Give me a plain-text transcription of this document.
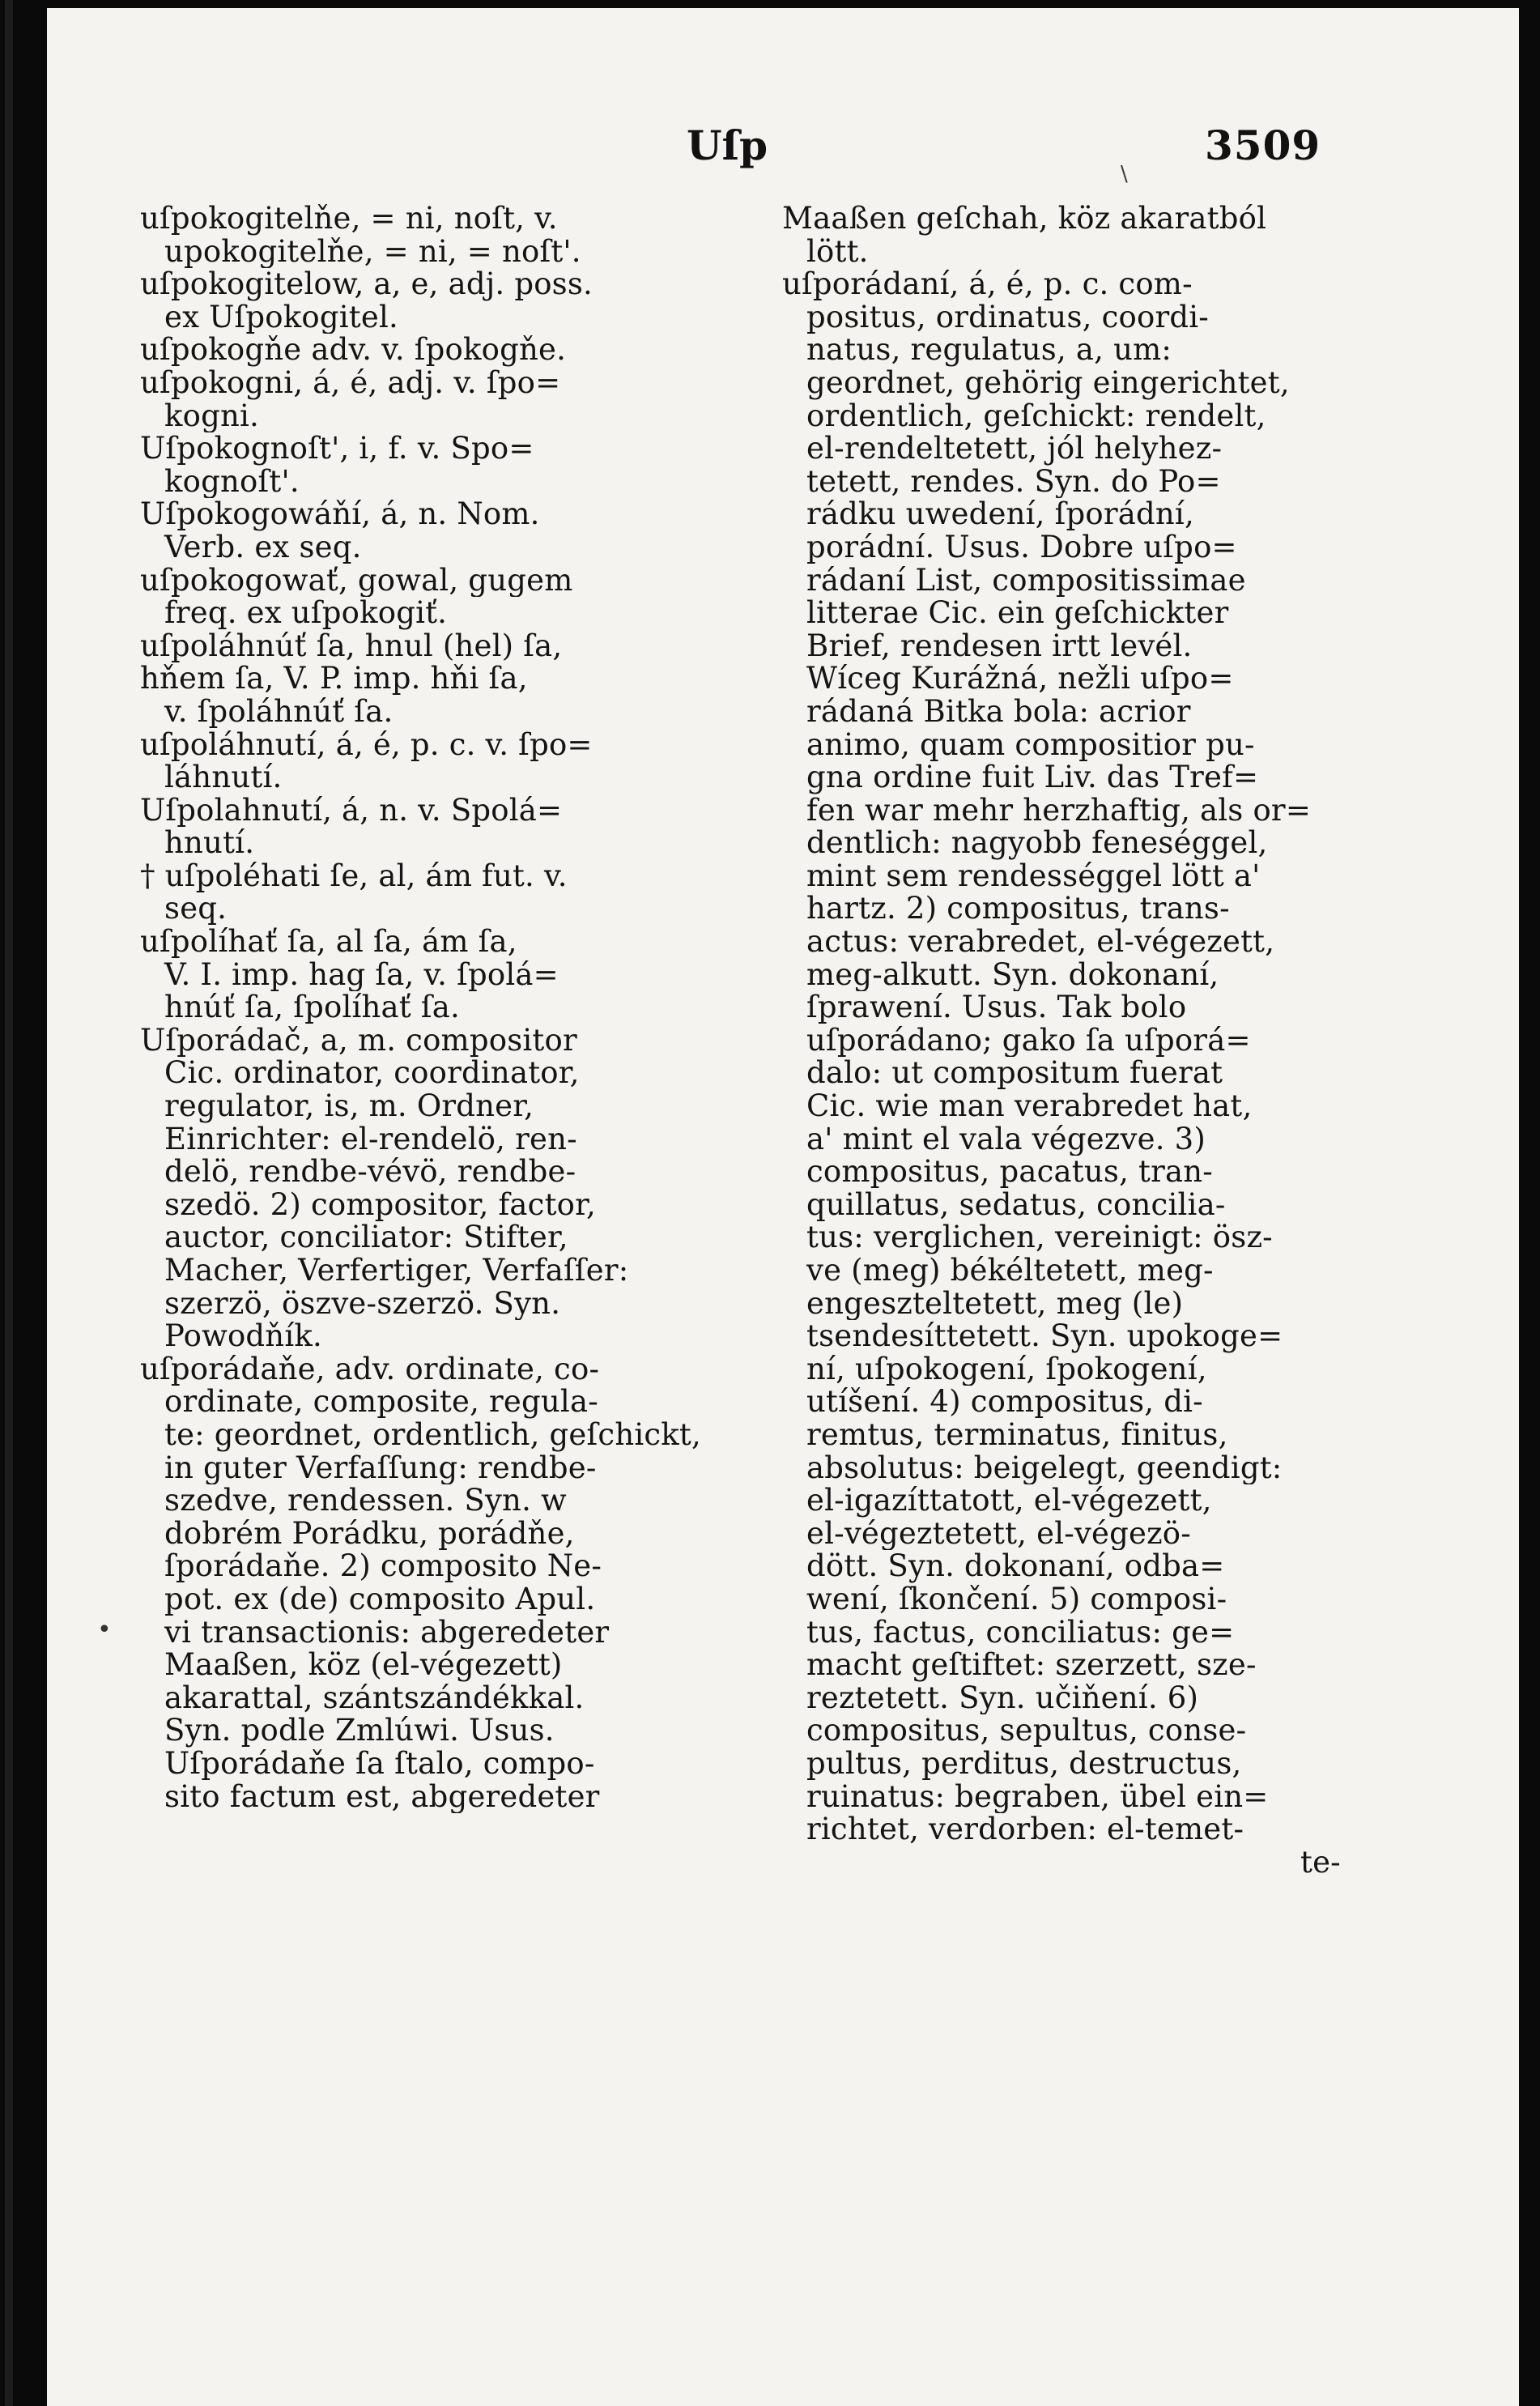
Uſp	3509
uſpokogitelňe, = ni, noſt, v.
upokogitelňe, = ni, = noſt'.
uſpokogitelow, a, e, adj. poss.
ex Uſpokogitel.
uſpokogňe adv. v. ſpokogňe.
uſpokogni, á, é, adj. v. ſpo=
kogni.
Uſpokognoſt', i, f. v. Spo=
kognoſt'.
Uſpokogowáňí, á, n. Nom.
Verb. ex seq.
uſpokogowať, gowal, gugem
freq. ex uſpokogiť.
uſpoláhnúť ſa, hnul (hel) ſa,
hňem ſa, V. P. imp. hňi ſa,
v. ſpoláhnúť ſa.
uſpoláhnutí, á, é, p. c. v. ſpo=
láhnutí.
Uſpolahnutí, á, n. v. Spolá=
hnutí.
† uſpoléhati ſe, al, ám fut. v.
seq.
uſpolíhať ſa, al ſa, ám ſa,
V. I. imp. hag ſa, v. ſpolá=
hnúť ſa, ſpolíhať ſa.
Uſporádač, a, m. compositor
Cic. ordinator, coordinator,
regulator, is, m. Ordner,
Einrichter: el-rendelö, ren-
delö, rendbe-vévö, rendbe-
szedö. 2) compositor, factor,
auctor, conciliator: Stifter,
Macher, Verfertiger, Verfaſſer:
szerzö, öszve-szerzö. Syn.
Powodňík.
uſporádaňe, adv. ordinate, co-
ordinate, composite, regula-
te: geordnet, ordentlich, geſchickt,
in guter Verfaſſung: rendbe-
szedve, rendessen. Syn. w
dobrém Porádku, porádňe,
ſporádaňe. 2) composito Ne-
pot. ex (de) composito Apul.
vi transactionis: abgeredeter
Maaßen, köz (el-végezett)
akarattal, szántszándékkal.
Syn. podle Zmlúwi. Usus.
Uſporádaňe ſa ſtalo, compo-
sito factum est, abgeredeter
Maaßen geſchah, köz akaratból
lött.
uſporádaní, á, é, p. c. com-
positus, ordinatus, coordi-
natus, regulatus, a, um:
geordnet, gehörig eingerichtet,
ordentlich, geſchickt: rendelt,
el-rendeltetett, jól helyhez-
tetett, rendes. Syn. do Po=
rádku uwedení, ſporádní,
porádní. Usus. Dobre uſpo=
rádaní List, compositissimae
litterae Cic. ein geſchickter
Brief, rendesen irtt levél.
Wíceg Kurážná, nežli uſpo=
rádaná Bitka bola: acrior
animo, quam compositior pu-
gna ordine fuit Liv. das Tref=
fen war mehr herzhaftig, als or=
dentlich: nagyobb feneséggel,
mint sem rendességgel lött a'
hartz. 2) compositus, trans-
actus: verabredet, el-végezett,
meg-alkutt. Syn. dokonaní,
ſprawení. Usus. Tak bolo
uſporádano; gako ſa uſporá=
dalo: ut compositum fuerat
Cic. wie man verabredet hat,
a' mint el vala végezve. 3)
compositus, pacatus, tran-
quillatus, sedatus, concilia-
tus: verglichen, vereinigt: ösz-
ve (meg) békéltetett, meg-
engeszteltetett, meg (le)
tsendesíttetett. Syn. upokoge=
ní, uſpokogení, ſpokogení,
utíšení. 4) compositus, di-
remtus, terminatus, finitus,
absolutus: beigelegt, geendigt:
el-igazíttatott, el-végezett,
el-végeztetett, el-végezö-
dött. Syn. dokonaní, odba=
wení, ſkončení. 5) composi-
tus, factus, conciliatus: ge=
macht geſtiftet: szerzett, sze-
reztetett. Syn. učiňení. 6)
compositus, sepultus, conse-
pultus, perditus, destructus,
ruinatus: begraben, übel ein=
richtet, verdorben: el-temet-
te-
•
\
